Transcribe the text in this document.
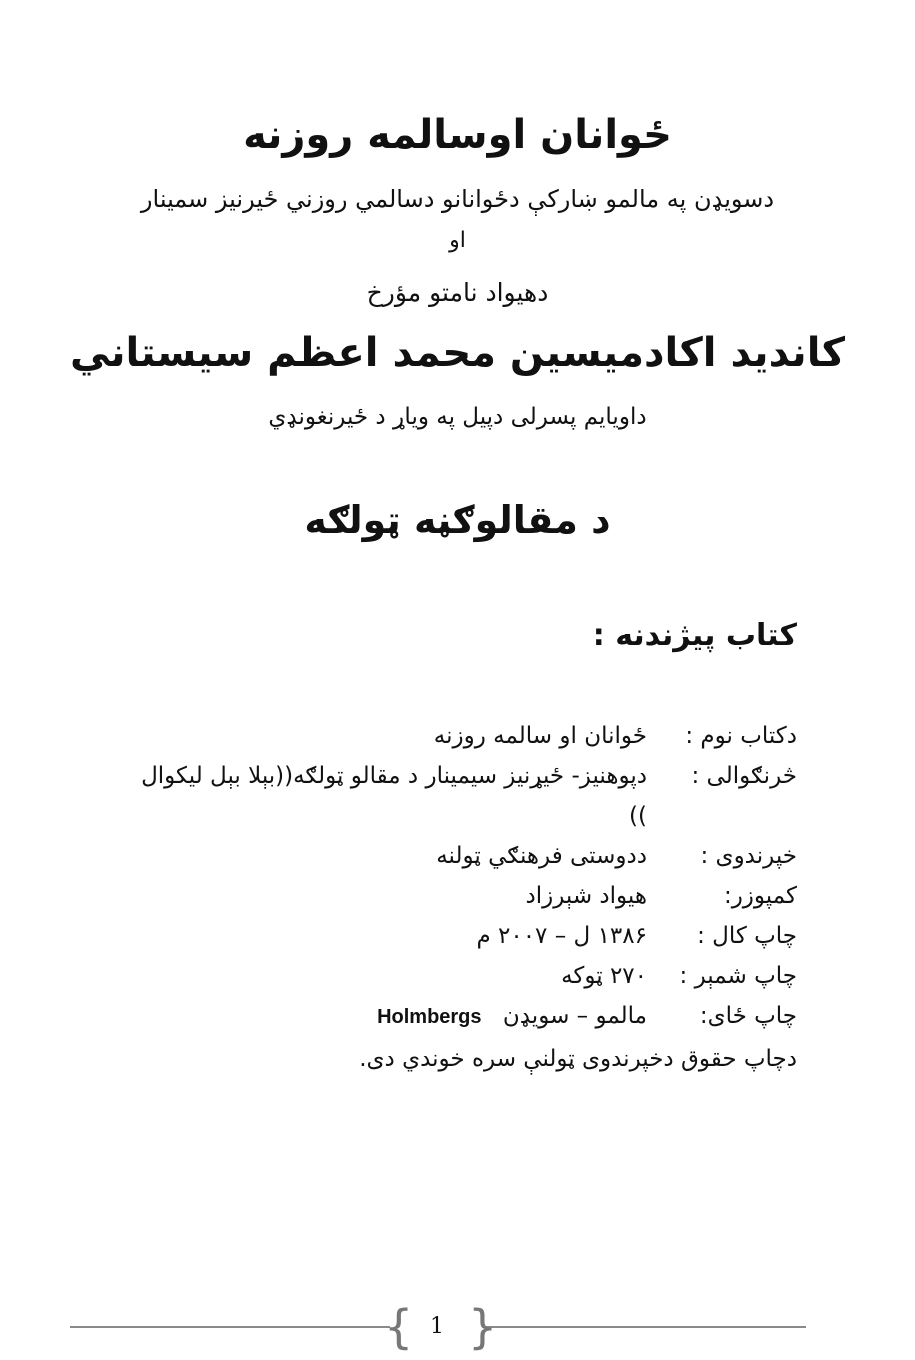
ځوانان اوسالمه روزنه
دسویډن په مالمو ښارکې دځوانانو دسالمي روزني ځیرنیز سمینار
او
دهیواد نامتو مؤرخ
کاندید اکادمیسین محمد اعظم سیستاني
داویایم پسرلی دپیل په ویاړ د ځیرنغونډي
د مقالوګڼه ټولګه
کتاب پیژندنه :
دکتاب نوم :
ځوانان او سالمه روزنه
څرنګوالی :
دپوهنیز- ځیړنیز سیمینار د مقالو ټولګه((بېلا بېل لیکوال ))
خپرندوی :
ددوستی فرهنګي ټولنه
کمپوزر:
هیواد شېرزاد
چاپ کال :
۱۳۸۶ ل – ۲۰۰۷ م
چاپ شمېر :
۲۷۰ ټوکه
چاپ ځای:
مالمو – سویډن Holmbergs
دچاپ حقوق دخپرندوی ټولنې سره خوندي دی.
{ }
1
